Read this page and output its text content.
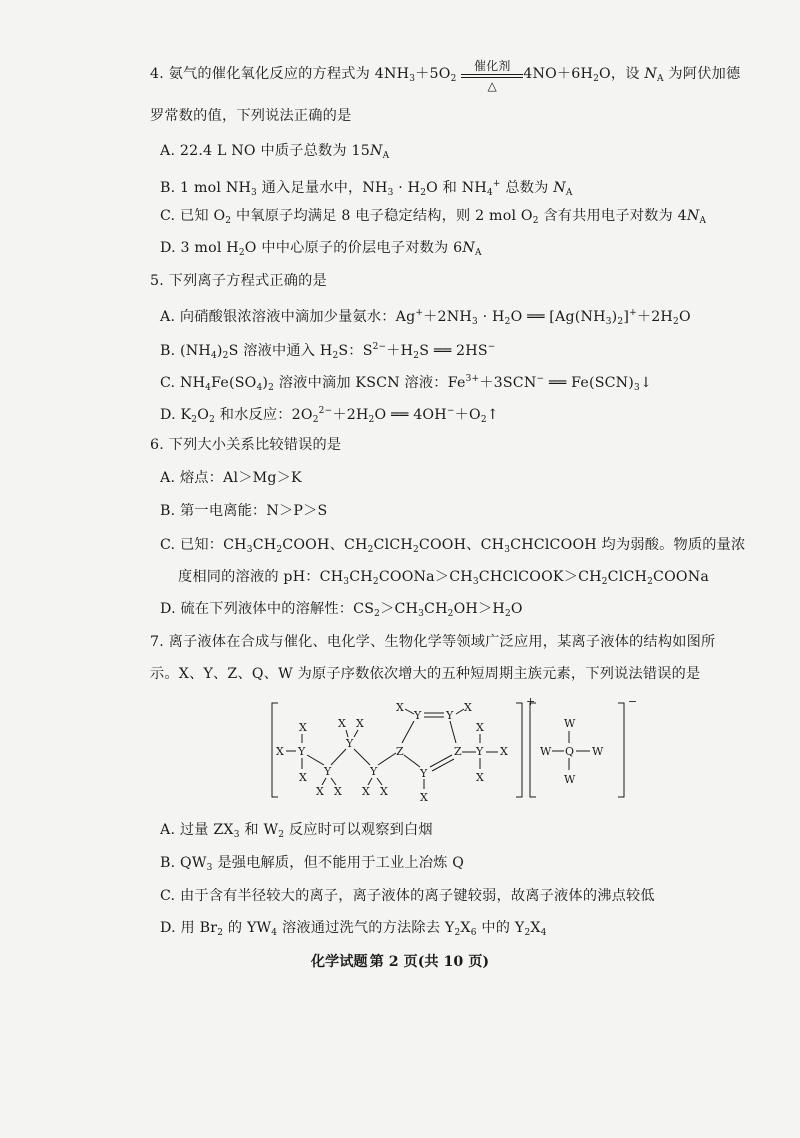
4. 氨气的催化氧化反应的方程式为 $4NH_3+5O_2$
催化剂
△
$4NO+6H_2O$，设 $N_A$ 为阿伏加德
罗常数的值，下列说法正确的是
A. 22.4 L NO 中质子总数为 $15N_A$
B. 1 mol $NH_3$ 通入足量水中，$NH_3 \cdot H_2O$ 和 $NH_4^+$ 总数为 $N_A$
C. 已知 $O_2$ 中氧原子均满足 8 电子稳定结构，则 2 mol $O_2$ 含有共用电子对数为 $4N_A$
D. 3 mol $H_2O$ 中中心原子的价层电子对数为 $6N_A$
5. 下列离子方程式正确的是
A. 向硝酸银浓溶液中滴加少量氨水：$Ag^++2NH_3 \cdot H_2O$ ══ $[Ag(NH_3)_2]^++2H_2O$
B. $(NH_4)_2S$ 溶液中通入 $H_2S$：$S^{2-}+H_2S$ ══ 2HS−
C. $NH_4Fe(SO_4)_2$ 溶液中滴加 KSCN 溶液：$Fe^{3+}+3SCN^-$ ══ $Fe(SCN)_3↓$
D. $K_2O_2$ 和水反应：$2O_2^{2-}+2H_2O$ ══ $4OH^-+O_2↑$
6. 下列大小关系比较错误的是
A. 熔点：Al＞Mg＞K
B. 第一电离能：N＞P＞S
C. 已知：$CH_3CH_2COOH$、$CH_2ClCH_2COOH$、$CH_3CHClCOOH$ 均为弱酸。物质的量浓
度相同的溶液的 pH：$CH_3CH_2COONa>CH_3CHClCOOK>CH_2ClCH_2COONa$
D. 硫在下列液体中的溶解性：$CS_2>CH_3CH_2OH>H_2O$
7. 离子液体在合成与催化、电化学、生物化学等领域广泛应用，某离子液体的结构如图所
示。X、Y、Z、Q、W 为原子序数依次增大的五种短周期主族元素，下列说法错误的是
+	−
X Y
X
X Y
X X
Y
X X
Y
X X
Z
Y
X
Y
X
Z
Y
X
Y
X
X
X
W
W Q W
W
A. 过量 $ZX_3$ 和 $W_2$ 反应时可以观察到白烟
B. $QW_3$ 是强电解质，但不能用于工业上冶炼 Q
C. 由于含有半径较大的离子，离子液体的离子键较弱，故离子液体的沸点较低
D. 用 $Br_2$ 的 $YW_4$ 溶液通过洗气的方法除去 $Y_2X_6$ 中的 $Y_2X_4$
化学试题 第 2 页(共 10 页)
